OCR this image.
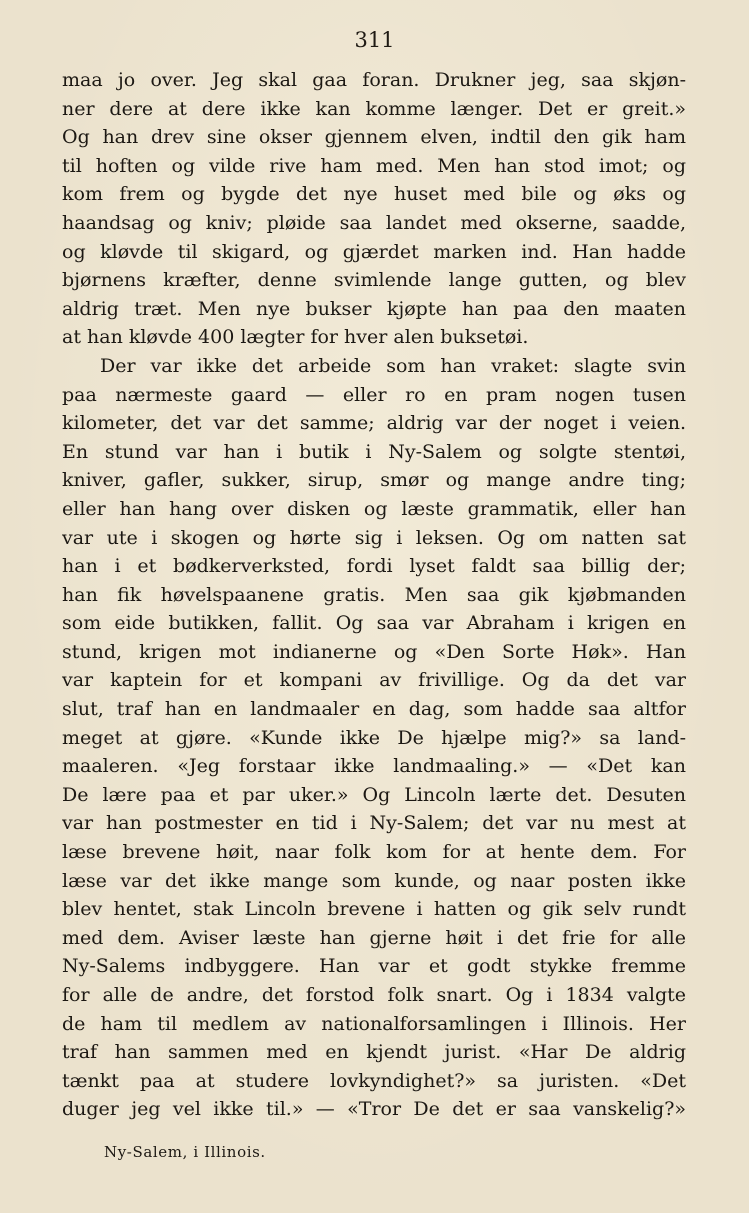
311
maa jo over. Jeg skal gaa foran. Drukner jeg, saa skjøn-
ner dere at dere ikke kan komme længer. Det er greit.»
Og han drev sine okser gjennem elven, indtil den gik ham
til hoften og vilde rive ham med. Men han stod imot; og
kom frem og bygde det nye huset med bile og øks og
haandsag og kniv; pløide saa landet med okserne, saadde,
og kløvde til skigard, og gjærdet marken ind. Han hadde
bjørnens kræfter, denne svimlende lange gutten, og blev
aldrig træt. Men nye bukser kjøpte han paa den maaten
at han kløvde 400 lægter for hver alen buksetøi.
Der var ikke det arbeide som han vraket: slagte svin
paa nærmeste gaard — eller ro en pram nogen tusen
kilometer, det var det samme; aldrig var der noget i veien.
En stund var han i butik i Ny-Salem og solgte stentøi,
kniver, gafler, sukker, sirup, smør og mange andre ting;
eller han hang over disken og læste grammatik, eller han
var ute i skogen og hørte sig i leksen. Og om natten sat
han i et bødkerverksted, fordi lyset faldt saa billig der;
han fik høvelspaanene gratis. Men saa gik kjøbmanden
som eide butikken, fallit. Og saa var Abraham i krigen en
stund, krigen mot indianerne og «Den Sorte Høk». Han
var kaptein for et kompani av frivillige. Og da det var
slut, traf han en landmaaler en dag, som hadde saa altfor
meget at gjøre. «Kunde ikke De hjælpe mig?» sa land-
maaleren. «Jeg forstaar ikke landmaaling.» — «Det kan
De lære paa et par uker.» Og Lincoln lærte det. Desuten
var han postmester en tid i Ny-Salem; det var nu mest at
læse brevene høit, naar folk kom for at hente dem. For
læse var det ikke mange som kunde, og naar posten ikke
blev hentet, stak Lincoln brevene i hatten og gik selv rundt
med dem. Aviser læste han gjerne høit i det frie for alle
Ny-Salems indbyggere. Han var et godt stykke fremme
for alle de andre, det forstod folk snart. Og i 1834 valgte
de ham til medlem av nationalforsamlingen i Illinois. Her
traf han sammen med en kjendt jurist. «Har De aldrig
tænkt paa at studere lovkyndighet?» sa juristen. «Det
duger jeg vel ikke til.» — «Tror De det er saa vanskelig?»
Ny-Salem, i Illinois.
